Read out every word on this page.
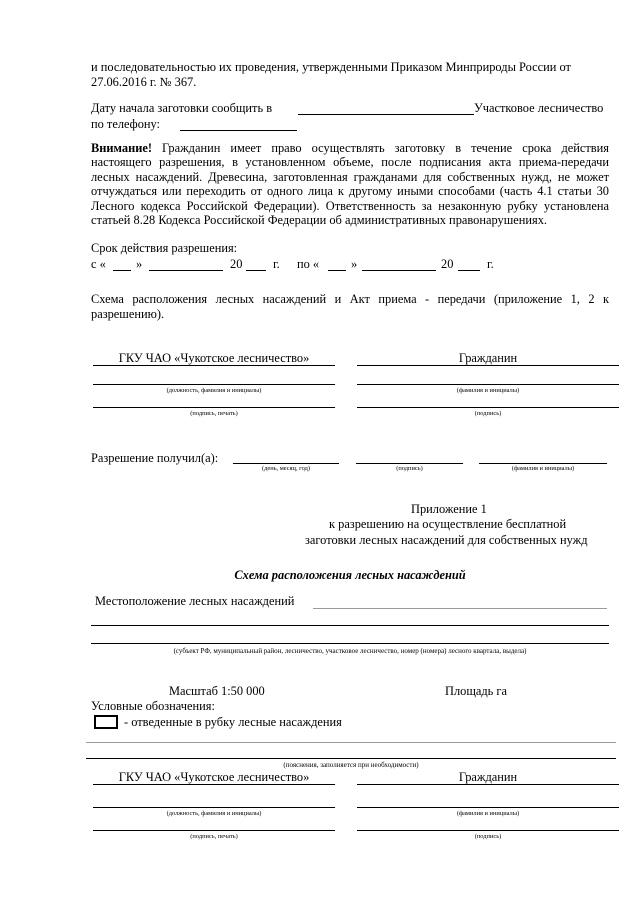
и последовательностью их проведения, утвержденными Приказом Минприроды России от
27.06.2016 г. № 367.
Дату начала заготовки сообщить в	Участковое лесничество
по телефону:
Внимание! Гражданин имеет право осуществлять заготовку в течение срока действия настоящего разрешения, в установленном объеме, после подписания акта приема-передачи лесных насаждений. Древесина, заготовленная гражданами для собственных нужд, не может отчуждаться или переходить от одного лица к другому иными способами (часть 4.1 статьи 30 Лесного кодекса Российской Федерации). Ответственность за незаконную рубку установлена статьей 8.28 Кодекса Российской Федерации об административных правонарушениях.
Срок действия разрешения:
с « »	20 г. по «	»	20	г.
Схема расположения лесных насаждений и Акт приема - передачи (приложение 1, 2 к
разрешению).
ГКУ ЧАО «Чукотское лесничество»	Гражданин
(должность, фамилия и инициалы)	(фамилия и инициалы)
(подпись, печать)	(подпись)
Разрешение получил(а):
(день, месяц, год)	(подпись)	(фамилия и инициалы)
Приложение 1
к разрешению на осуществление бесплатной
заготовки лесных насаждений для собственных нужд
Схема расположения лесных насаждений
Местоположение лесных насаждений
(субъект РФ, муниципальный район, лесничество, участковое лесничество, номер (номера) лесного квартала, выдела)
Масштаб 1:50 000	Площадь га
Условные обозначения:
- отведенные в рубку лесные насаждения
(пояснения, заполняется при необходимости)
ГКУ ЧАО «Чукотское лесничество»	Гражданин
(должность, фамилия и инициалы)	(фамилия и инициалы)
(подпись, печать)	(подпись)
